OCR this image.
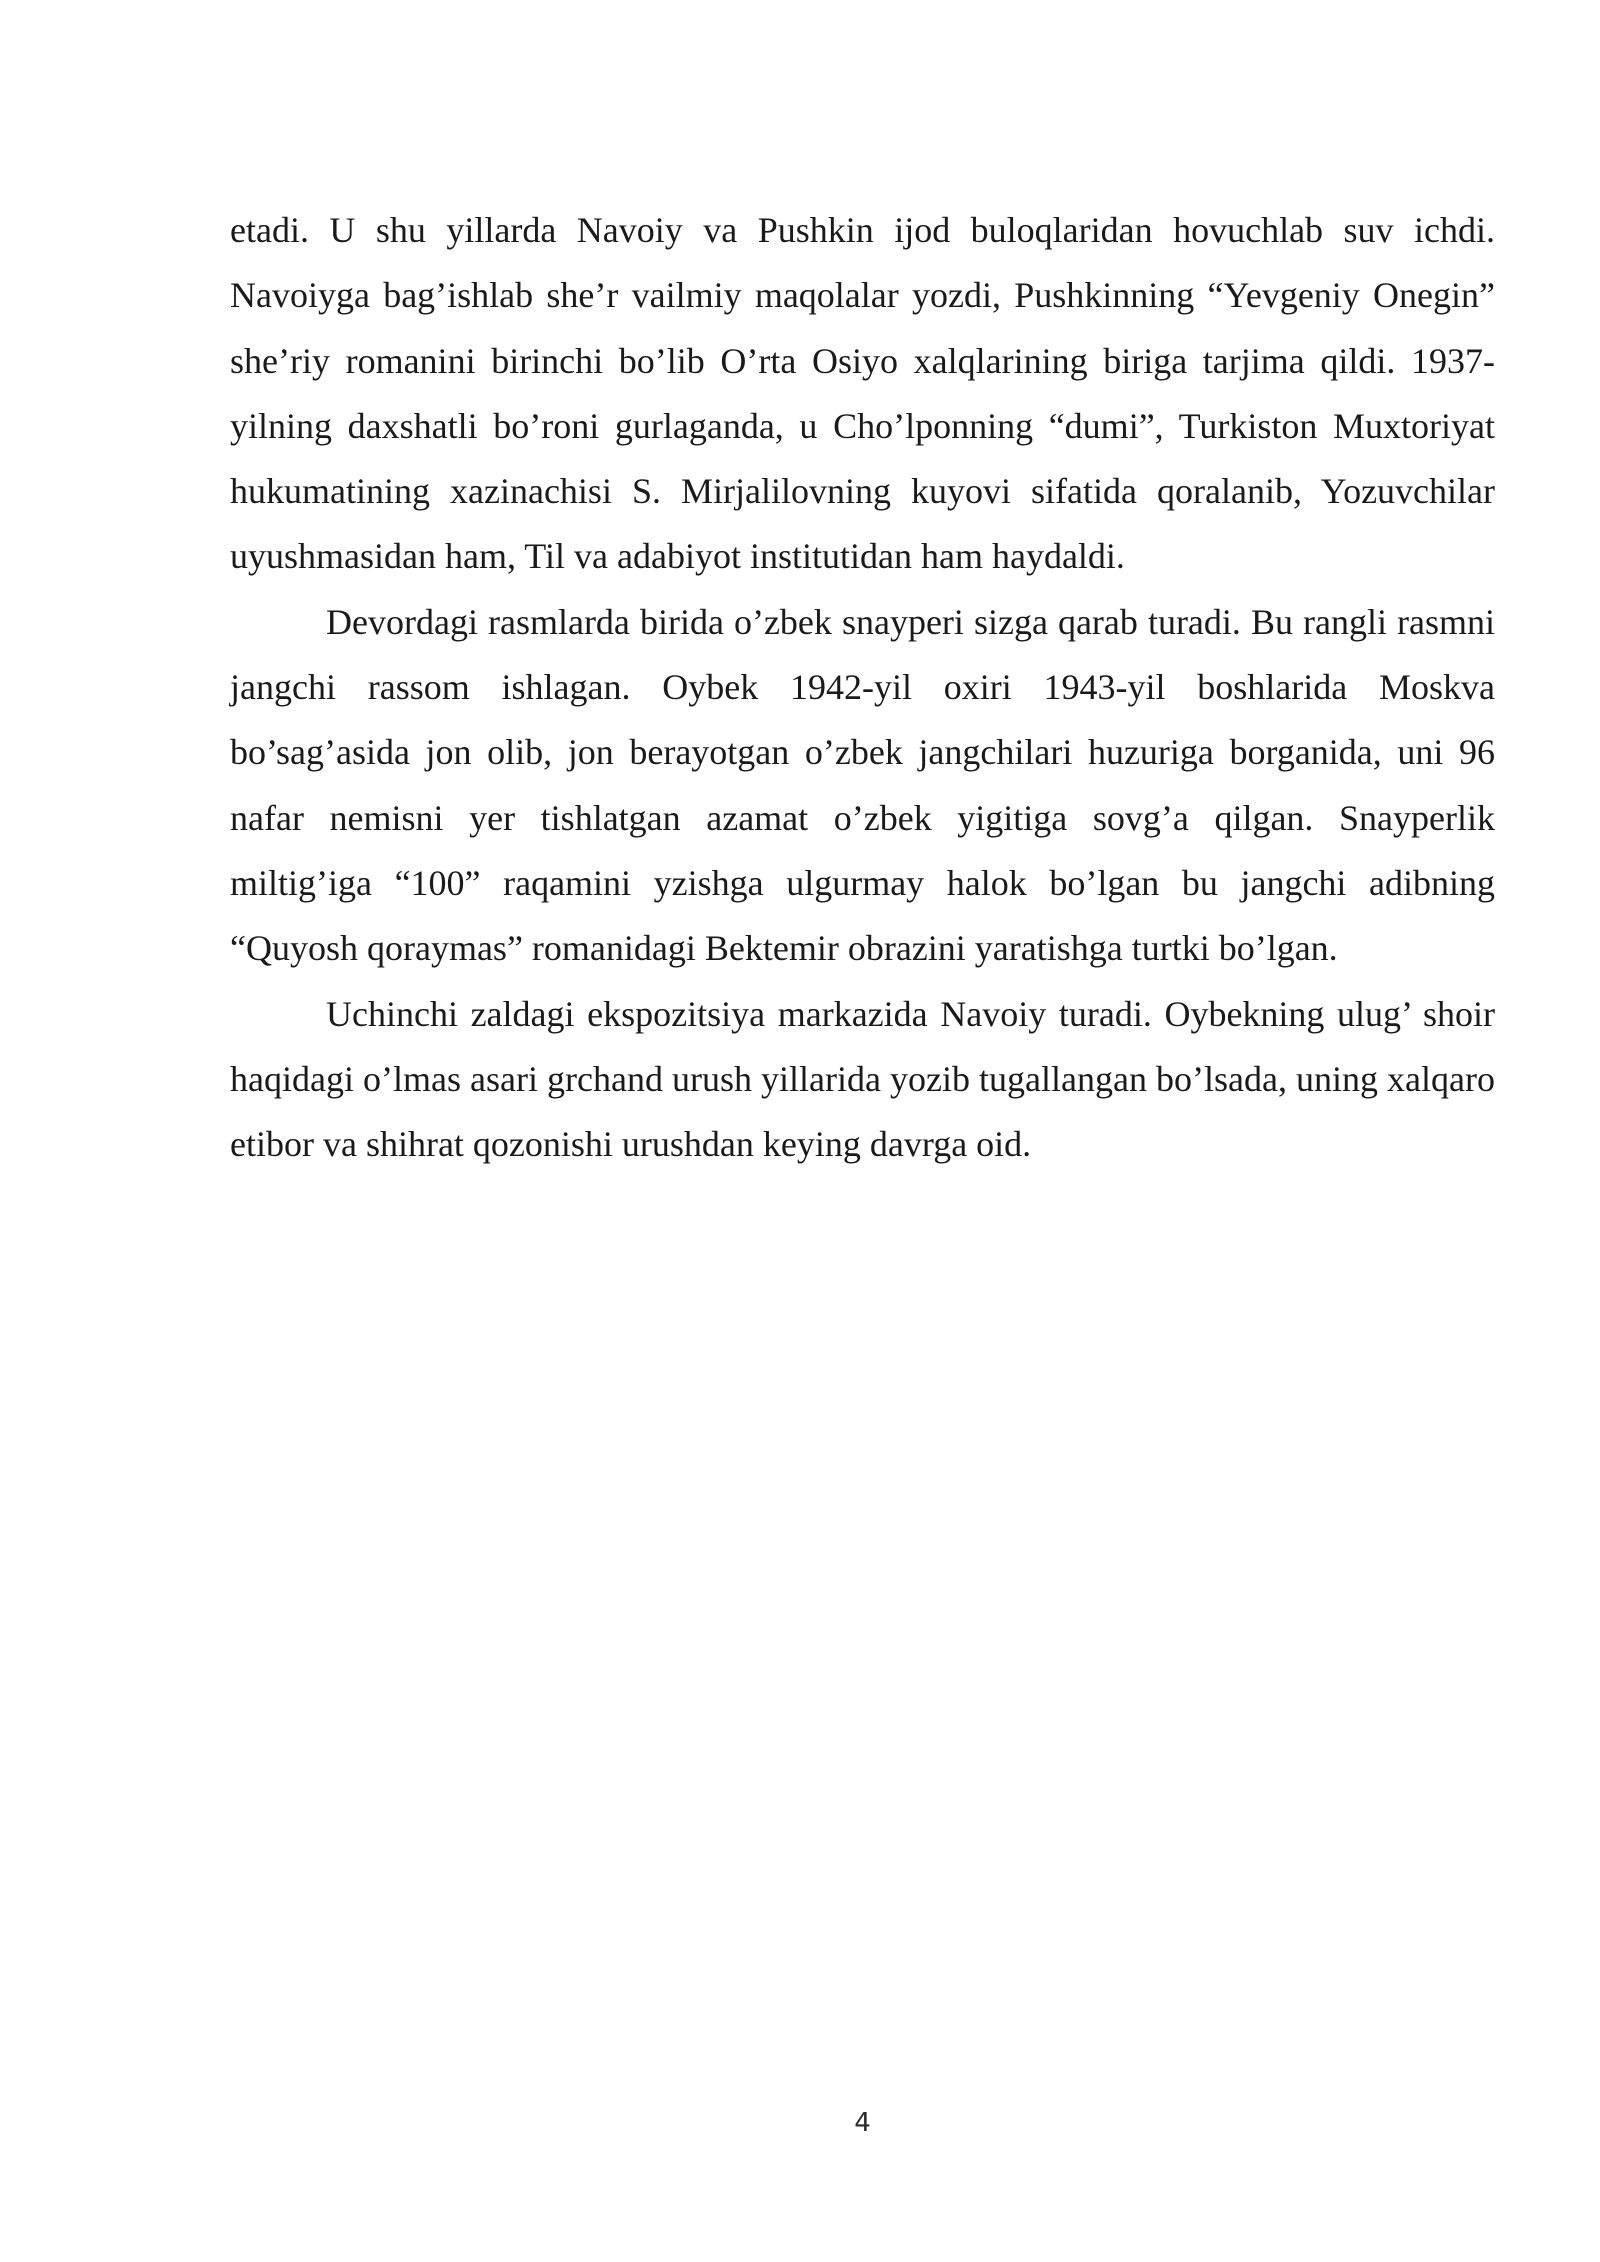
etadi. U shu yillarda Navoiy va Pushkin ijod buloqlaridan hovuchlab suv ichdi. Navoiyga bag’ishlab she’r vailmiy maqolalar yozdi, Pushkinning “Yevgeniy Onegin” she’riy romanini birinchi bo’lib O’rta Osiyo xalqlarining biriga tarjima qildi. 1937-yilning daxshatli bo’roni gurlaganda, u Cho’lponning “dumi”, Turkiston Muxtoriyat hukumatining xazinachisi S. Mirjalilovning kuyovi sifatida qoralanib, Yozuvchilar uyushmasidan ham, Til va adabiyot institutidan ham haydaldi.

Devordagi rasmlarda birida o’zbek snayperi sizga qarab turadi. Bu rangli rasmni jangchi rassom ishlagan. Oybek 1942-yil oxiri 1943-yil boshlarida Moskva bo’sag’asida jon olib, jon berayotgan o’zbek jangchilari huzuriga borganida, uni 96 nafar nemisni yer tishlatgan azamat o’zbek yigitiga sovg’a qilgan. Snayperlik miltig’iga “100” raqamini yzishga ulgurmay halok bo’lgan bu jangchi adibning “Quyosh qoraymas” romanidagi Bektemir obrazini yaratishga turtki bo’lgan.

Uchinchi zaldagi ekspozitsiya markazida Navoiy turadi. Oybekning ulug’ shoir haqidagi o’lmas asari grchand urush yillarida yozib tugallangan bo’lsada, uning xalqaro etibor va shihrat qozonishi urushdan keying davrga oid.

4
